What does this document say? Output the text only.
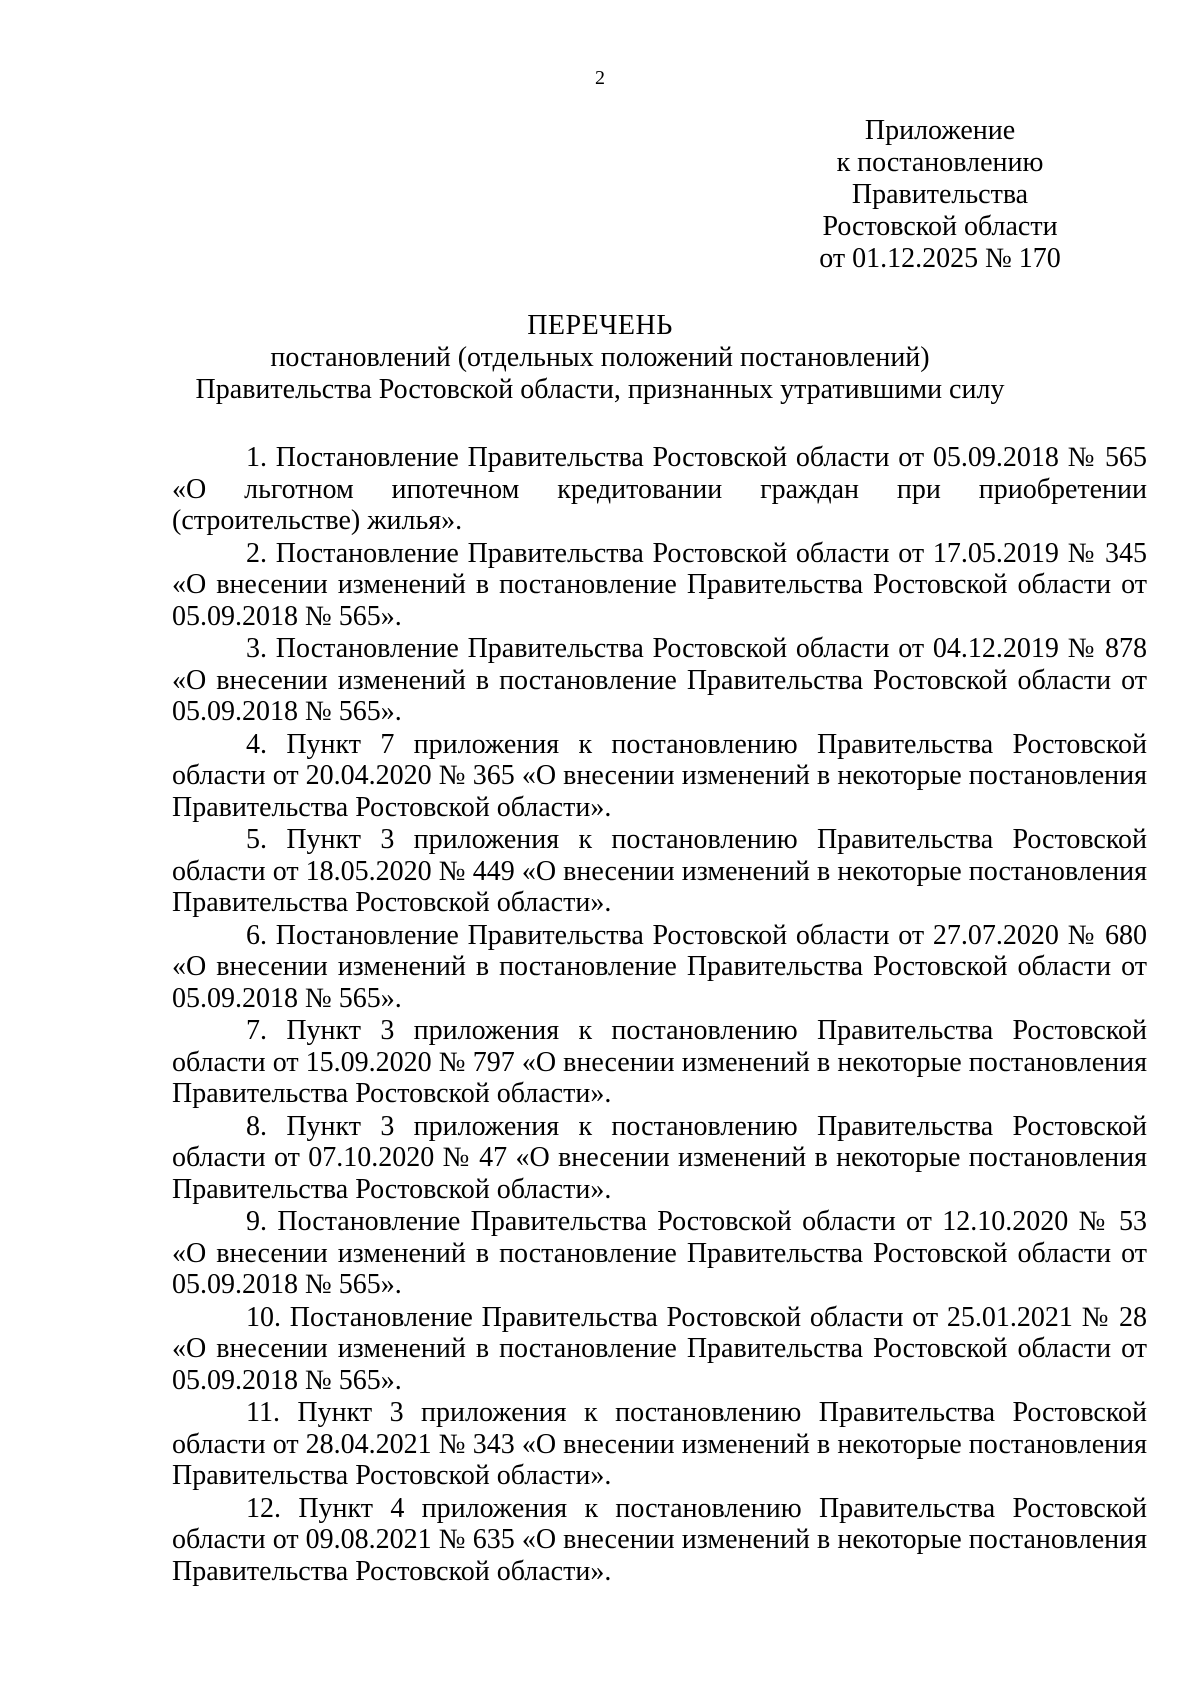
2
Приложение
к постановлению
Правительства
Ростовской области
от 01.12.2025 № 170
ПЕРЕЧЕНЬ
постановлений (отдельных положений постановлений)
Правительства Ростовской области, признанных утратившими силу
1. Постановление Правительства Ростовской области от 05.09.2018 № 565 «О льготном ипотечном кредитовании граждан при приобретении (строительстве) жилья».
2. Постановление Правительства Ростовской области от 17.05.2019 № 345 «О внесении изменений в постановление Правительства Ростовской области от 05.09.2018 № 565».
3. Постановление Правительства Ростовской области от 04.12.2019 № 878 «О внесении изменений в постановление Правительства Ростовской области от 05.09.2018 № 565».
4. Пункт 7 приложения к постановлению Правительства Ростовской области от 20.04.2020 № 365 «О внесении изменений в некоторые постановления Правительства Ростовской области».
5. Пункт 3 приложения к постановлению Правительства Ростовской области от 18.05.2020 № 449 «О внесении изменений в некоторые постановления Правительства Ростовской области».
6. Постановление Правительства Ростовской области от 27.07.2020 № 680 «О внесении изменений в постановление Правительства Ростовской области от 05.09.2018 № 565».
7. Пункт 3 приложения к постановлению Правительства Ростовской области от 15.09.2020 № 797 «О внесении изменений в некоторые постановления Правительства Ростовской области».
8. Пункт 3 приложения к постановлению Правительства Ростовской области от 07.10.2020 № 47 «О внесении изменений в некоторые постановления Правительства Ростовской области».
9. Постановление Правительства Ростовской области от 12.10.2020 № 53 «О внесении изменений в постановление Правительства Ростовской области от 05.09.2018 № 565».
10. Постановление Правительства Ростовской области от 25.01.2021 № 28 «О внесении изменений в постановление Правительства Ростовской области от 05.09.2018 № 565».
11. Пункт 3 приложения к постановлению Правительства Ростовской области от 28.04.2021 № 343 «О внесении изменений в некоторые постановления Правительства Ростовской области».
12. Пункт 4 приложения к постановлению Правительства Ростовской области от 09.08.2021 № 635 «О внесении изменений в некоторые постановления Правительства Ростовской области».
